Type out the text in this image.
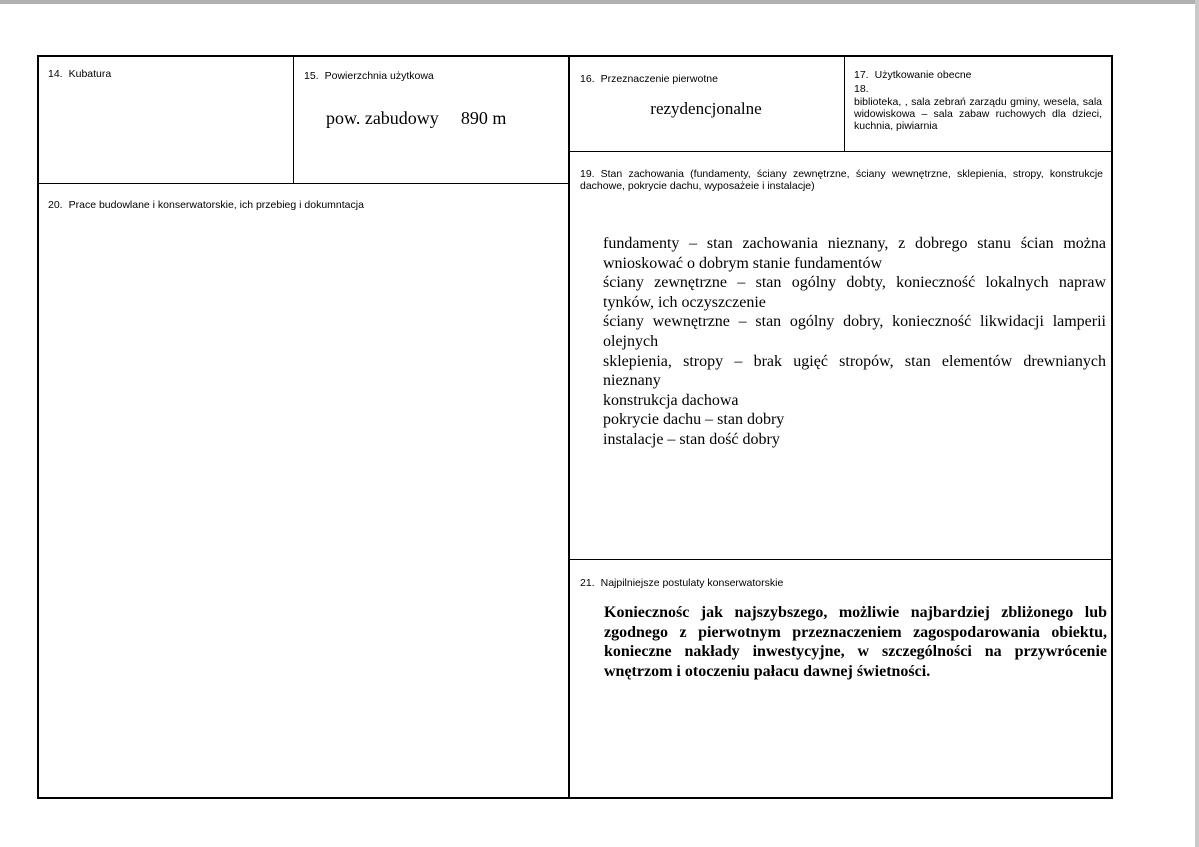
14. Kubatura	15. Powierzchnia użytkowa
pow. zabudowy 890 m
16. Przeznaczenie pierwotne
rezydencjonalne
17. Użytkowanie obecne
18.
biblioteka, , sala zebrań zarządu gminy, wesela, sala widowiskowa – sala zabaw ruchowych dla dzieci, kuchnia, piwiarnia
19. Stan zachowania (fundamenty, ściany zewnętrzne, ściany wewnętrzne, sklepienia, stropy, konstrukcje dachowe, pokrycie dachu, wyposażeie i instalacje)
fundamenty – stan zachowania nieznany, z dobrego stanu ścian można wnioskować o dobrym stanie fundamentów
ściany zewnętrzne – stan ogólny dobty, konieczność lokalnych napraw tynków, ich oczyszczenie
ściany wewnętrzne – stan ogólny dobry, konieczność likwidacji lamperii olejnych
sklepienia, stropy – brak ugięć stropów, stan elementów drewnianych nieznany
konstrukcja dachowa
pokrycie dachu – stan dobry
instalacje – stan dość dobry
20. Prace budowlane i konserwatorskie, ich przebieg i dokumntacja
21. Najpilniejsze postulaty konserwatorskie
Koniecznośc jak najszybszego, możliwie najbardziej zbliżonego lub zgodnego z pierwotnym przeznaczeniem zagospodarowania obiektu, konieczne nakłady inwestycyjne, w szczególności na przywrócenie wnętrzom i otoczeniu pałacu dawnej świetności.
